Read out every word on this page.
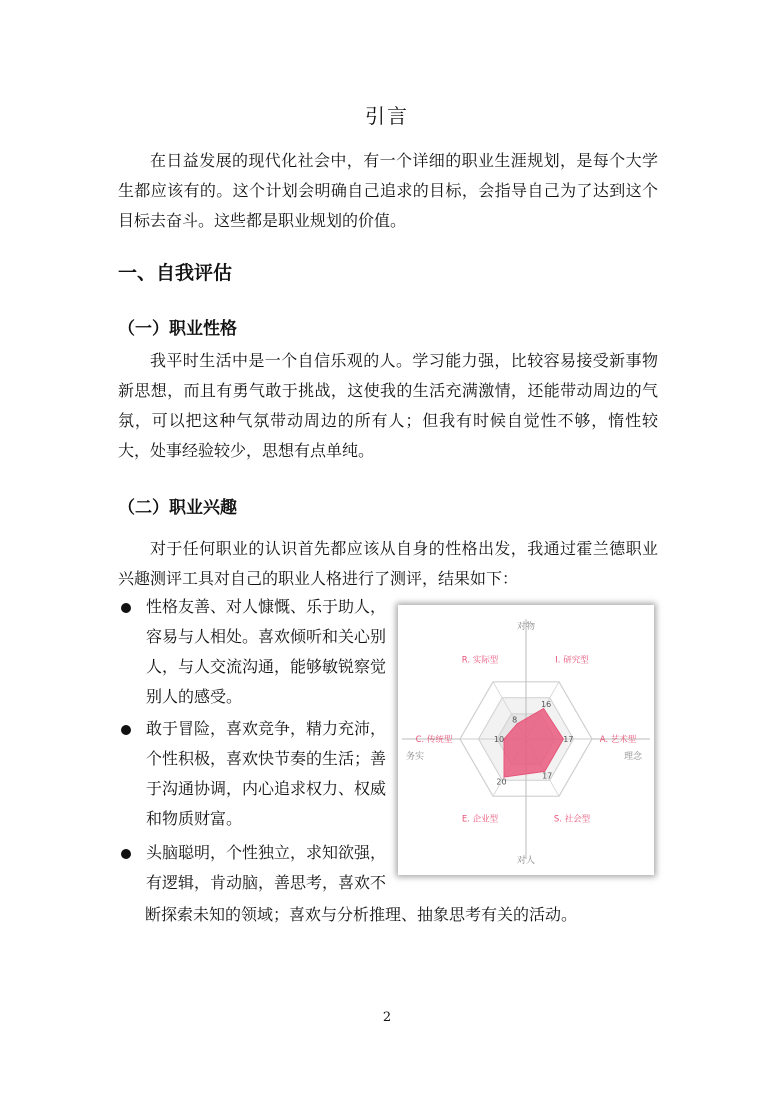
引言
在日益发展的现代化社会中，有一个详细的职业生涯规划，是每个大学生都应该有的。这个计划会明确自己追求的目标，会指导自己为了达到这个目标去奋斗。这些都是职业规划的价值。
一、自我评估
（一）职业性格
我平时生活中是一个自信乐观的人。学习能力强，比较容易接受新事物新思想，而且有勇气敢于挑战，这使我的生活充满激情，还能带动周边的气氛，可以把这种气氛带动周边的所有人；但我有时候自觉性不够，惰性较大，处事经验较少，思想有点单纯。
（二）职业兴趣
对于任何职业的认识首先都应该从自身的性格出发，我通过霍兰德职业兴趣测评工具对自己的职业人格进行了测评，结果如下：
性格友善、对人慷慨、乐于助人，
容易与人相处。喜欢倾听和关心别
人，与人交流沟通，能够敏锐察觉
别人的感受。
敢于冒险，喜欢竞争，精力充沛，
个性积极，喜欢快节奏的生活；善
于沟通协调，内心追求权力、权威
和物质财富。
头脑聪明，个性独立，求知欲强，
有逻辑，肯动脑，善思考，喜欢不
断探索未知的领域；喜欢与分析推理、抽象思考有关的活动。
16
17
17
20
10
8
I. 研究型
A. 艺术型
S. 社会型
E. 企业型
C. 传统型
R. 实际型
对物
对人
务实	理念
2
